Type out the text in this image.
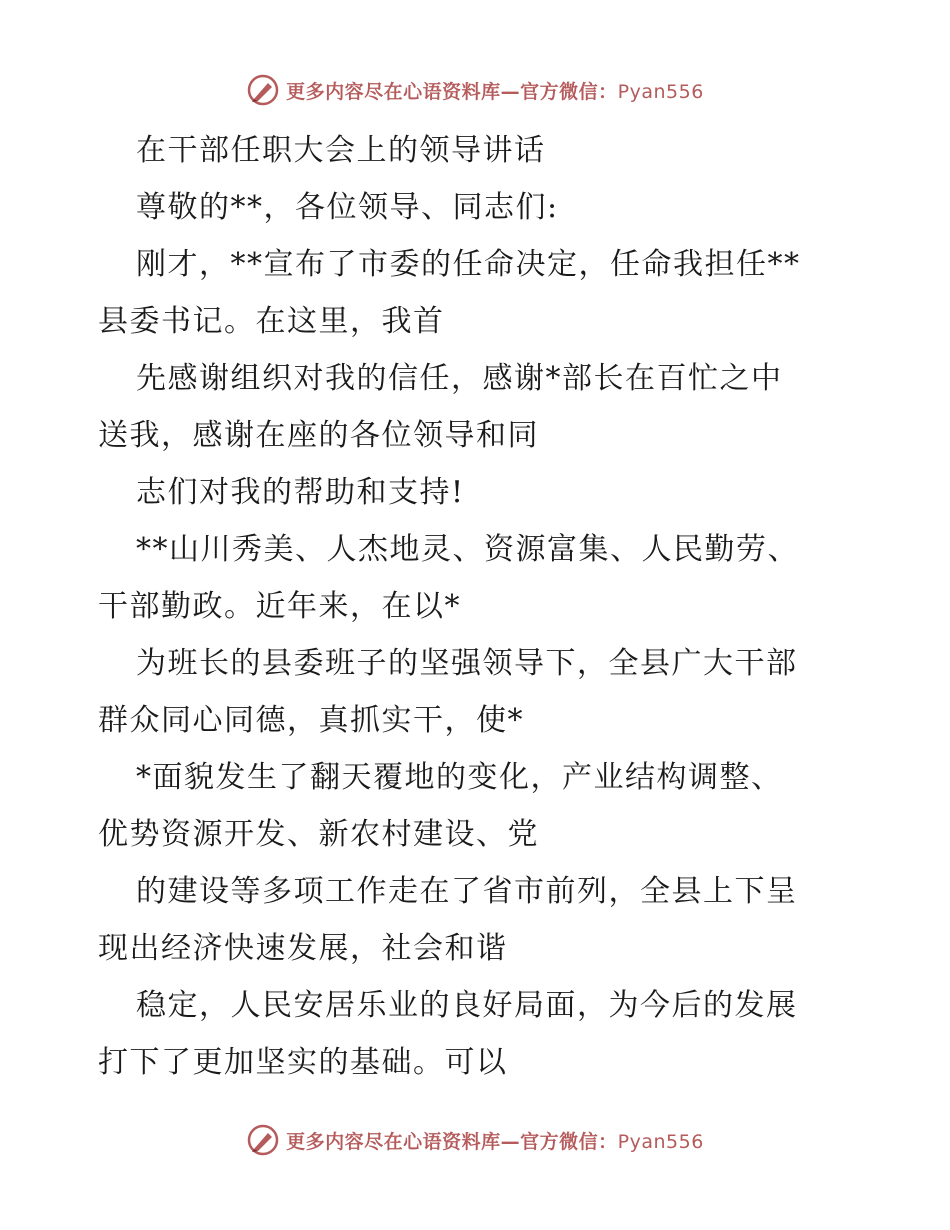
更多内容尽在心语资料库—官方微信：Pyan556
在干部任职大会上的领导讲话
尊敬的**，各位领导、同志们:
刚才，**宣布了市委的任命决定，任命我担任**
县委书记。在这里，我首
先感谢组织对我的信任，感谢*部长在百忙之中
送我，感谢在座的各位领导和同
志们对我的帮助和支持!
**山川秀美、人杰地灵、资源富集、人民勤劳、
干部勤政。近年来，在以*
为班长的县委班子的坚强领导下，全县广大干部
群众同心同德，真抓实干，使*
*面貌发生了翻天覆地的变化，产业结构调整、
优势资源开发、新农村建设、党
的建设等多项工作走在了省市前列，全县上下呈
现出经济快速发展，社会和谐
稳定，人民安居乐业的良好局面，为今后的发展
打下了更加坚实的基础。可以
更多内容尽在心语资料库—官方微信：Pyan556
